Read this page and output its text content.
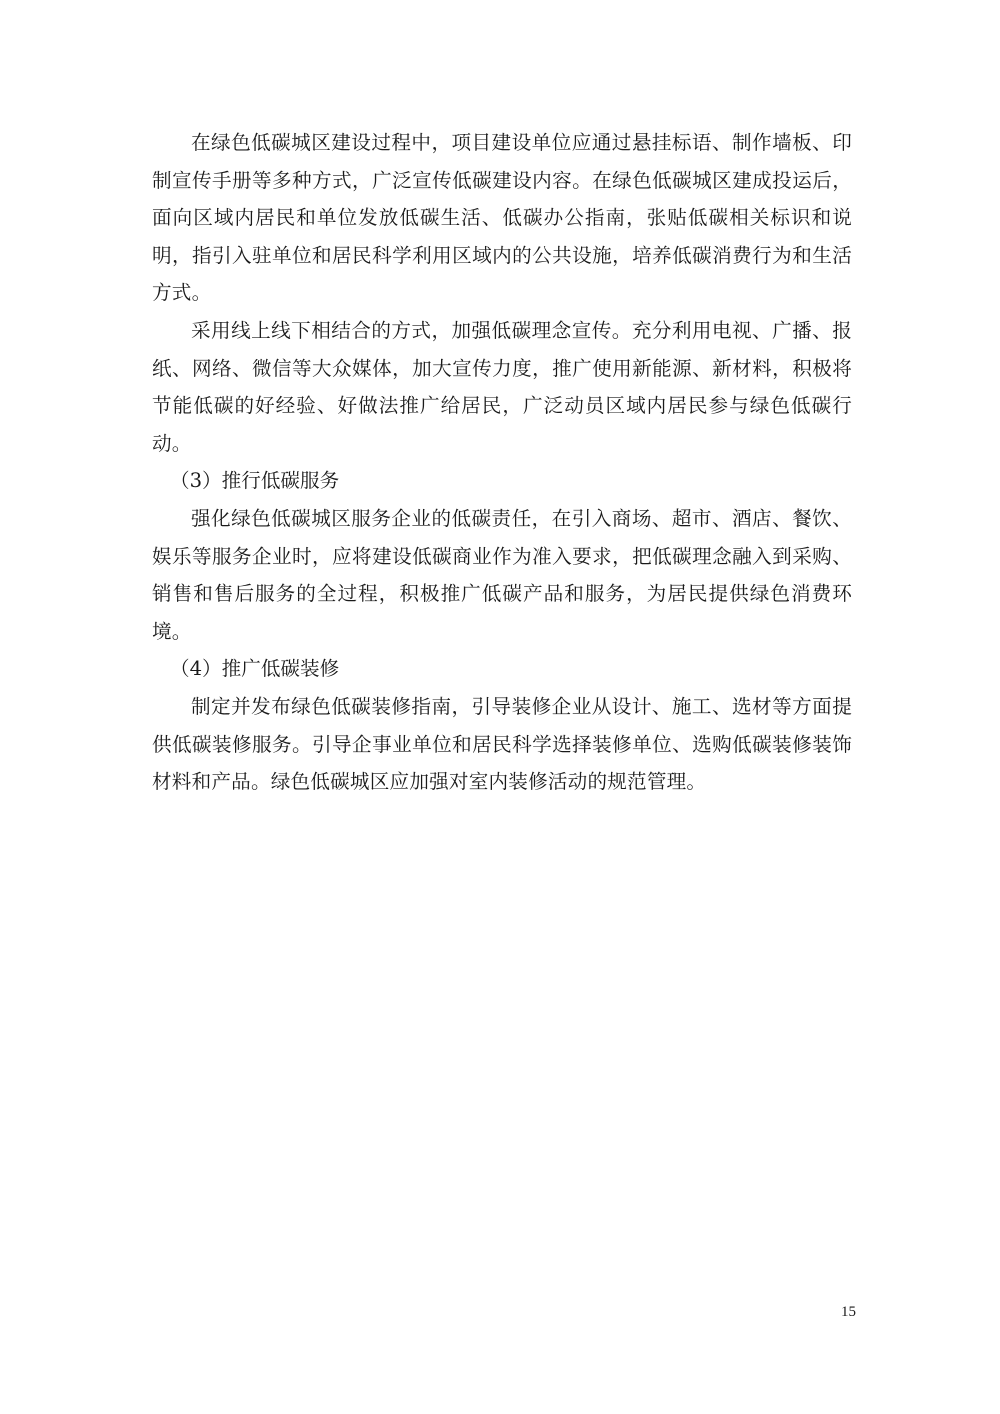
在绿色低碳城区建设过程中，项目建设单位应通过悬挂标语、制作墙板、印制宣传手册等多种方式，广泛宣传低碳建设内容。在绿色低碳城区建成投运后，面向区域内居民和单位发放低碳生活、低碳办公指南，张贴低碳相关标识和说明，指引入驻单位和居民科学利用区域内的公共设施，培养低碳消费行为和生活方式。

采用线上线下相结合的方式，加强低碳理念宣传。充分利用电视、广播、报纸、网络、微信等大众媒体，加大宣传力度，推广使用新能源、新材料，积极将节能低碳的好经验、好做法推广给居民，广泛动员区域内居民参与绿色低碳行动。

（3）推行低碳服务

强化绿色低碳城区服务企业的低碳责任，在引入商场、超市、酒店、餐饮、娱乐等服务企业时，应将建设低碳商业作为准入要求，把低碳理念融入到采购、销售和售后服务的全过程，积极推广低碳产品和服务，为居民提供绿色消费环境。

（4）推广低碳装修

制定并发布绿色低碳装修指南，引导装修企业从设计、施工、选材等方面提供低碳装修服务。引导企事业单位和居民科学选择装修单位、选购低碳装修装饰材料和产品。绿色低碳城区应加强对室内装修活动的规范管理。

15
